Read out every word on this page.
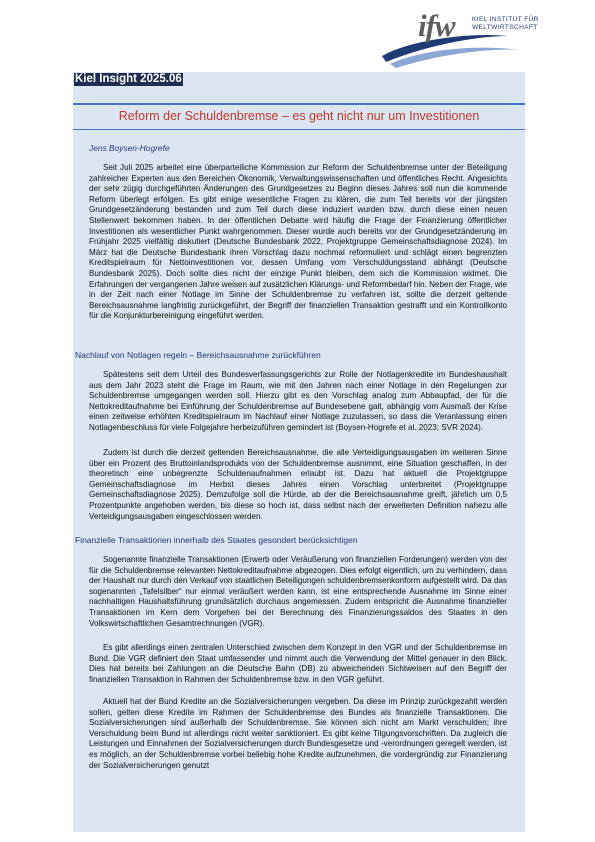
ifw	KIEL INSTITUT FÜR
WELTWIRTSCHAFT
Kiel Insight 2025.06
Reform der Schuldenbremse – es geht nicht nur um Investitionen
Jens Boysen-Hogrefe

Seit Juli 2025 arbeitet eine überparteiliche Kommission zur Reform der Schuldenbremse unter der Beteiligung zahlreicher Experten aus den Bereichen Ökonomik, Verwaltungswissenschaften und öffentliches Recht. Angesichts der sehr zügig durchgeführten Änderungen des Grundgesetzes zu Beginn dieses Jahres soll nun die kommende Reform überlegt erfolgen. Es gibt einige wesentliche Fragen zu klären, die zum Teil bereits vor der jüngsten Grundgesetzänderung bestanden und zum Teil durch diese induziert wurden bzw. durch diese einen neuen Stellenwert bekommen haben. In der öffentlichen Debatte wird häufig die Frage der Finanzierung öffentlicher Investitionen als wesentlicher Punkt wahrgenommen. Dieser wurde auch bereits vor der Grundgesetzänderung im Frühjahr 2025 vielfältig diskutiert (Deutsche Bundesbank 2022, Projektgruppe Gemeinschaftsdiagnose 2024). Im März hat die Deutsche Bundesbank ihren Vorschlag dazu nochmal reformuliert und schlägt einen begrenzten Kreditspielraum für Nettoinvestitionen vor, dessen Umfang vom Verschuldungsstand abhängt (Deutsche Bundesbank 2025). Doch sollte dies nicht der einzige Punkt bleiben, dem sich die Kommission widmet. Die Erfahrungen der vergangenen Jahre weisen auf zusätzlichen Klärungs- und Reformbedarf hin. Neben der Frage, wie in der Zeit nach einer Notlage im Sinne der Schuldenbremse zu verfahren ist, sollte die derzeit geltende Bereichsausnahme langfristig zurückgeführt, der Begriff der finanziellen Transaktion gestrafft und ein Kontrollkonto für die Konjunkturbereinigung eingeführt werden.

Nachlauf von Notlagen regeln – Bereichsausnahme zurückführen

Spätestens seit dem Urteil des Bundesverfassungsgerichts zur Rolle der Notlagenkredite im Bundeshaushalt aus dem Jahr 2023 steht die Frage im Raum, wie mit den Jahren nach einer Notlage in den Regelungen zur Schuldenbremse umgegangen werden soll. Hierzu gibt es den Vorschlag analog zum Abbaupfad, der für die Nettokreditaufnahme bei Einführung der Schuldenbremse auf Bundesebene galt, abhängig vom Ausmaß der Krise einen zeitweise erhöhten Kreditspielraum im Nachlauf einer Notlage zuzulassen, so dass die Veranlassung einen Notlagenbeschluss für viele Folgejahre herbeizuführen gemindert ist (Boysen-Hogrefe et al. 2023; SVR 2024).

Zudem ist durch die derzeit geltenden Bereichsausnahme, die alle Verteidigungsausgaben im weiteren Sinne über ein Prozent des Bruttoinlandsprodukts von der Schuldenbremse ausnimmt, eine Situation geschaffen, in der theoretisch eine unbegrenzte Schuldenaufnahmen erlaubt ist. Dazu hat aktuell die Projektgruppe Gemeinschaftsdiagnose im Herbst dieses Jahres einen Vorschlag unterbreitet (Projektgruppe Gemeinschaftsdiagnose 2025). Demzufolge soll die Hürde, ab der die Bereichsausnahme greift, jährlich um 0,5 Prozentpunkte angehoben werden, bis diese so hoch ist, dass selbst nach der erweiterten Definition nahezu alle Verteidigungsausgaben eingeschlossen werden.

Finanzielle Transaktionen innerhalb des Staates gesondert berücksichtigen

Sogenannte finanzielle Transaktionen (Erwerb oder Veräußerung von finanziellen Forderungen) werden von der für die Schuldenbremse relevanten Nettokreditaufnahme abgezogen. Dies erfolgt eigentlich, um zu verhindern, dass der Haushalt nur durch den Verkauf von staatlichen Beteiligungen schuldenbremsenkonform aufgestellt wird. Da das sogenannten „Tafelsilber“ nur einmal veräußert werden kann, ist eine entsprechende Ausnahme im Sinne einer nachhaltigen Haushaltsführung grundsätzlich durchaus angemessen. Zudem entspricht die Ausnahme finanzieller Transaktionen im Kern dem Vorgehen bei der Berechnung des Finanzierungssaldos des Staates in den Volkswirtschaftlichen Gesamtrechnungen (VGR).

Es gibt allerdings einen zentralen Unterschied zwischen dem Konzept in den VGR und der Schuldenbremse im Bund. Die VGR definiert den Staat umfassender und nimmt auch die Verwendung der Mittel genauer in den Blick. Dies hat bereits bei Zahlungen an die Deutsche Bahn (DB) zu abweichenden Sichtweisen auf den Begriff der finanziellen Transaktion in Rahmen der Schuldenbremse bzw. in den VGR geführt.

Aktuell hat der Bund Kredite an die Sozialversicherungen vergeben. Da diese im Prinzip zurückgezahlt werden sollen, gelten diese Kredite im Rahmen der Schuldenbremse des Bundes als finanzielle Transaktionen. Die Sozialversicherungen sind außerhalb der Schuldenbremse. Sie können sich nicht am Markt verschulden; ihre Verschuldung beim Bund ist allerdings nicht weiter sanktioniert. Es gibt keine Tilgungsvorschriften. Da zugleich die Leistungen und Einnahmen der Sozialversicherungen durch Bundesgesetze und -verordnungen geregelt werden, ist es möglich, an der Schuldenbremse vorbei beliebig hohe Kredite aufzunehmen, die vordergründig zur Finanzierung der Sozialversicherungen genutzt
